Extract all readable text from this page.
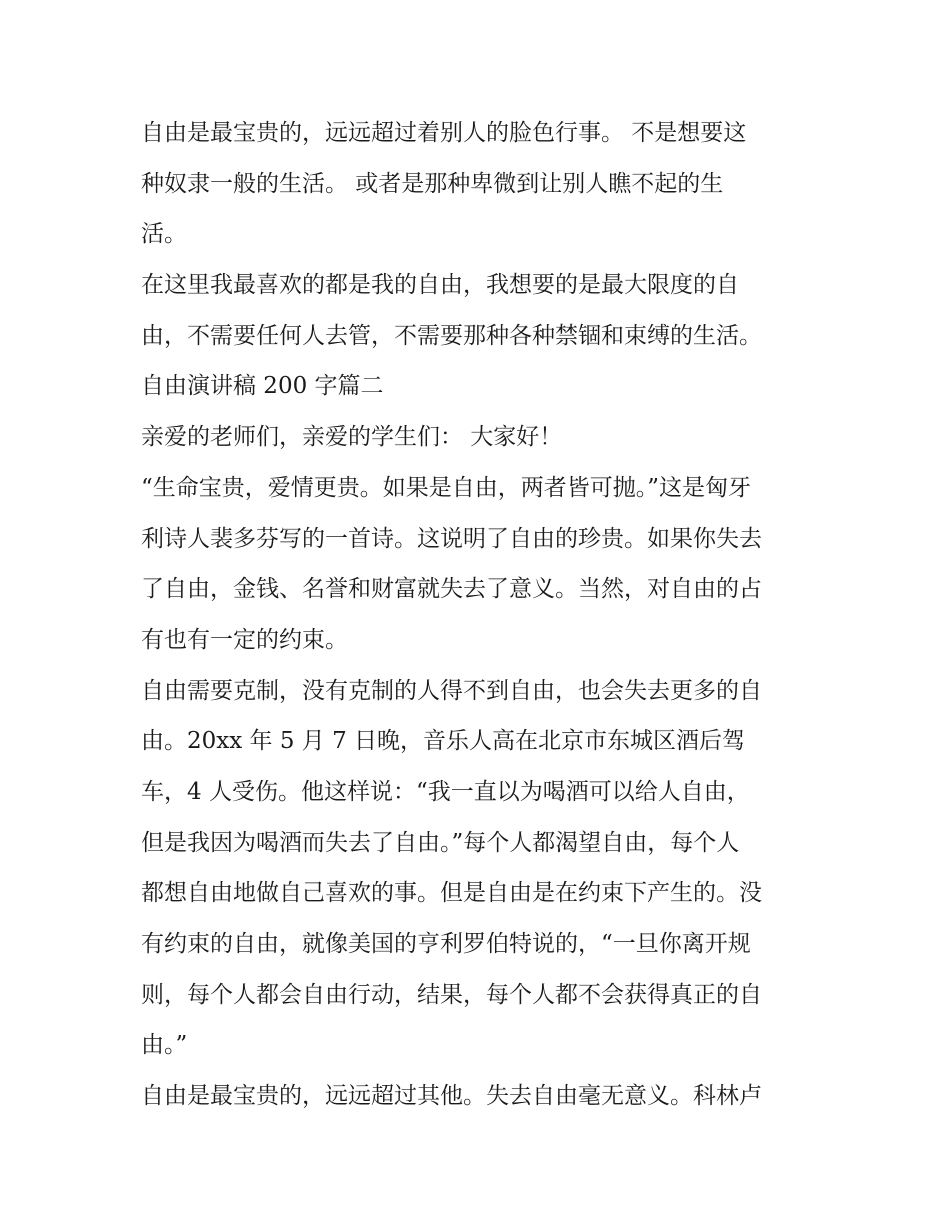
自由是最宝贵的，远远超过着别人的脸色行事。 不是想要这
种奴隶一般的生活。 或者是那种卑微到让别人瞧不起的生
活。
在这里我最喜欢的都是我的自由，我想要的是最大限度的自
由，不需要任何人去管，不需要那种各种禁锢和束缚的生活。
自由演讲稿 200 字篇二
亲爱的老师们，亲爱的学生们： 大家好！
“生命宝贵，爱情更贵。如果是自由，两者皆可抛。”这是匈牙
利诗人裴多芬写的一首诗。这说明了自由的珍贵。如果你失去
了自由，金钱、名誉和财富就失去了意义。当然，对自由的占
有也有一定的约束。
自由需要克制，没有克制的人得不到自由，也会失去更多的自
由。20xx 年 5 月 7 日晚，音乐人高在北京市东城区酒后驾
车，4 人受伤。他这样说：“我一直以为喝酒可以给人自由，
但是我因为喝酒而失去了自由。”每个人都渴望自由，每个人
都想自由地做自己喜欢的事。但是自由是在约束下产生的。没
有约束的自由，就像美国的亨利罗伯特说的，“一旦你离开规
则，每个人都会自由行动，结果，每个人都不会获得真正的自
由。”
自由是最宝贵的，远远超过其他。失去自由毫无意义。科林卢
